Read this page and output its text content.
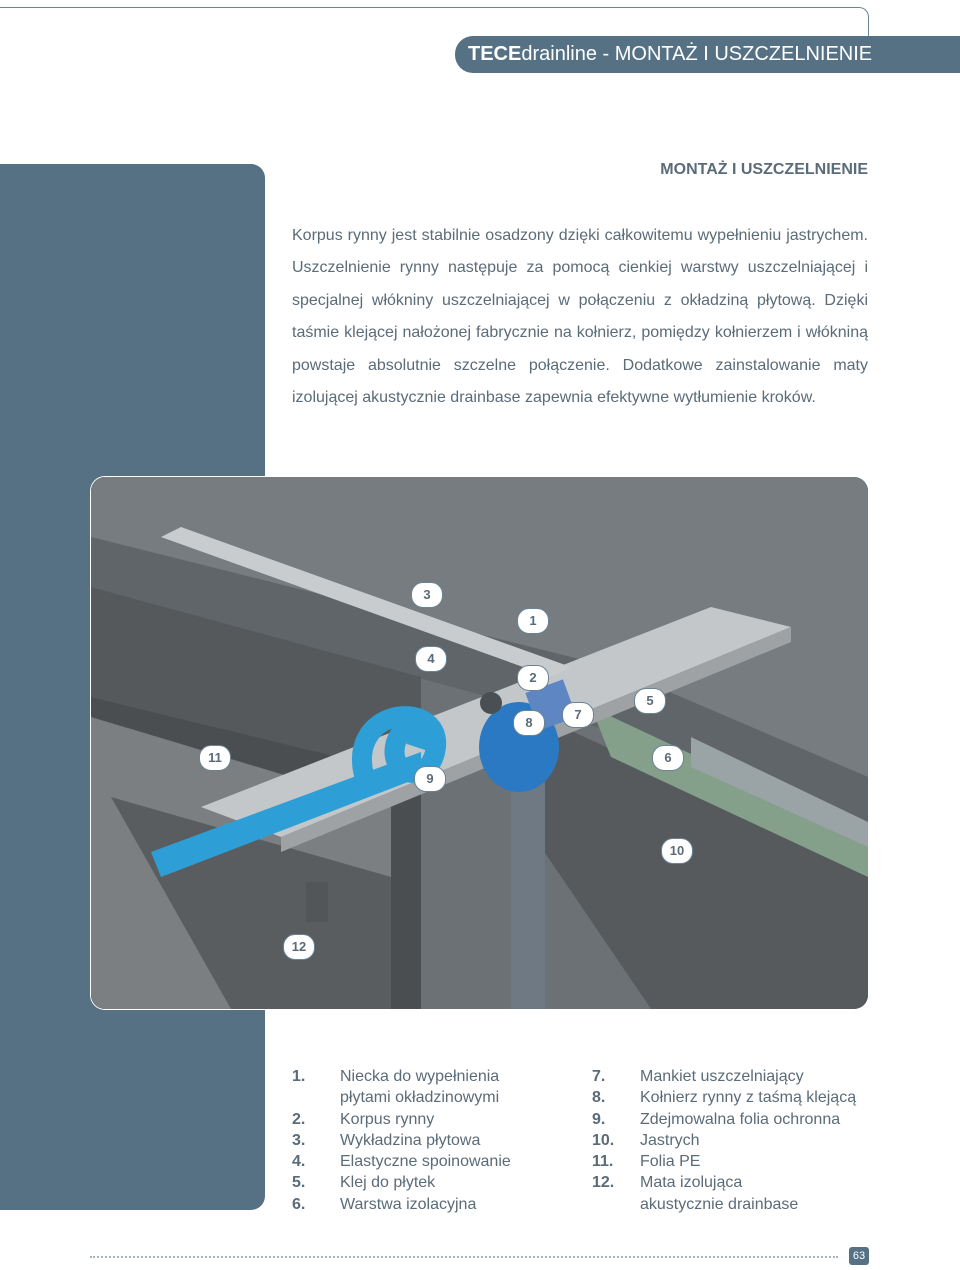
TECEdrainline - MONTAŻ I USZCZELNIENIE
MONTAŻ I USZCZELNIENIE

Korpus rynny jest stabilnie osadzony dzięki całkowitemu wypełnieniu jastrychem. Uszczelnienie rynny następuje za pomocą cienkiej warstwy uszczelniającej i specjalnej włókniny uszczelniającej w połączeniu z okładziną płytową. Dzięki taśmie klejącej nałożonej fabrycznie na kołnierz, pomiędzy kołnierzem i włókniną powstaje absolutnie szczelne połączenie. Dodatkowe zainstalowanie maty izolującej akustycznie drainbase zapewnia efektywne wytłumienie kroków.

1
2
3
4
5
6
7
8
9
10
11
12
1.	Niecka do wypełnienia
płytami okładzinowymi
2.	Korpus rynny
3.	Wykładzina płytowa
4.	Elastyczne spoinowanie
5.	Klej do płytek
6.	Warstwa izolacyjna
7.	Mankiet uszczelniający
8.	Kołnierz rynny z taśmą klejącą
9.	Zdejmowalna folia ochronna
10.	Jastrych
11.	Folia PE
12.	Mata izolująca
akustycznie drainbase
63
